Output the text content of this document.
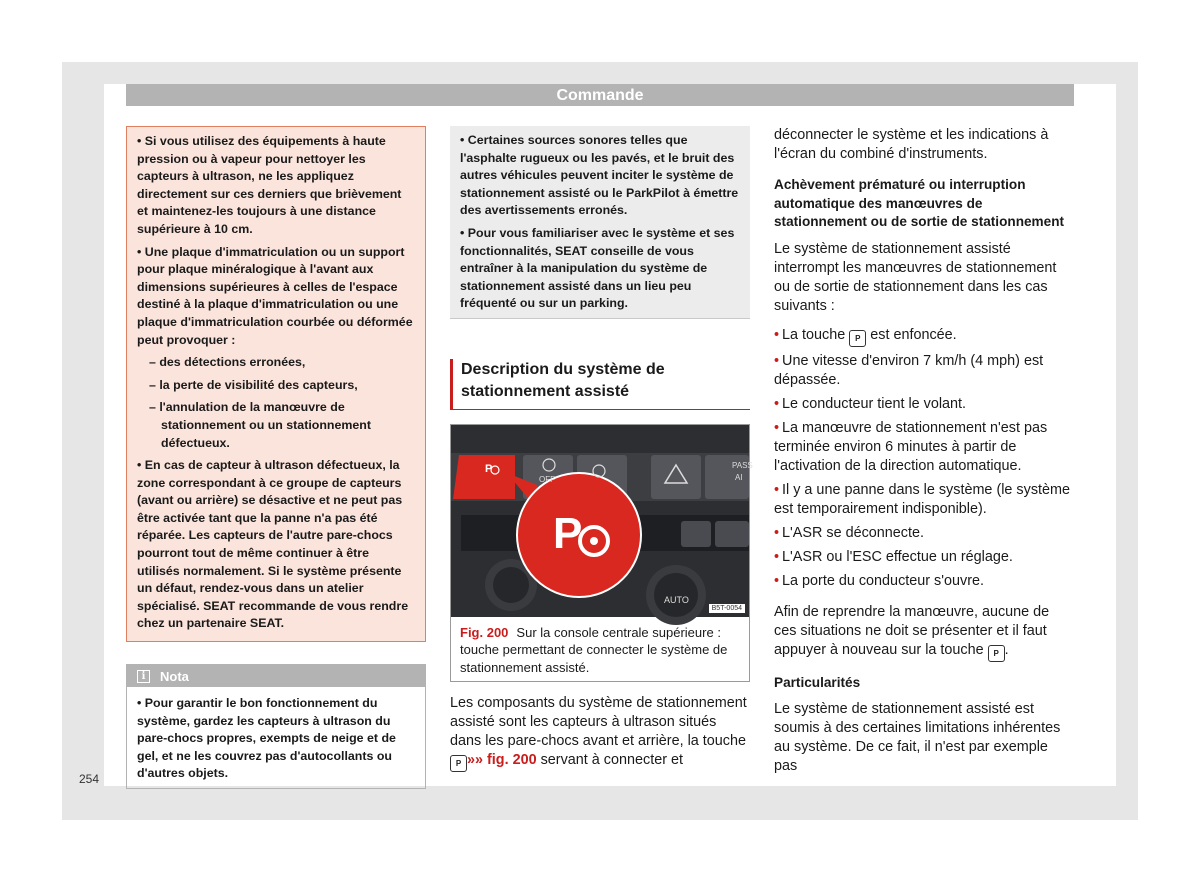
Commande

• Si vous utilisez des équipements à haute pression ou à vapeur pour nettoyer les capteurs à ultrason, ne les appliquez directement sur ces derniers que brièvement et maintenez-les toujours à une distance supérieure à 10 cm.

• Une plaque d'immatriculation ou un support pour plaque minéralogique à l'avant aux dimensions supérieures à celles de l'espace destiné à la plaque d'immatriculation ou une plaque d'immatriculation courbée ou déformée peut provoquer :

– des détections erronées,

– la perte de visibilité des capteurs,

– l'annulation de la manœuvre de stationnement ou un stationnement défectueux.

• En cas de capteur à ultrason défectueux, la zone correspondant à ce groupe de capteurs (avant ou arrière) se désactive et ne peut pas être activée tant que la panne n'a pas été réparée. Les capteurs de l'autre pare-chocs pourront tout de même continuer à être utilisés normalement. Si le système présente un défaut, rendez-vous dans un atelier spécialisé. SEAT recommande de vous rendre chez un partenaire SEAT.

i	Nota
• Pour garantir le bon fonctionnement du système, gardez les capteurs à ultrason du pare-chocs propres, exempts de neige et de gel, et ne les couvrez pas d'autocollants ou d'autres objets.

• Certaines sources sonores telles que l'asphalte rugueux ou les pavés, et le bruit des autres véhicules peuvent inciter le système de stationnement assisté ou le ParkPilot à émettre des avertissements erronés.

• Pour vous familiariser avec le système et ses fonctionnalités, SEAT conseille de vous entraîner à la manipulation du système de stationnement assisté dans un lieu peu fréquenté ou sur un parking.

Description du système de stationnement assisté
P
P
OFF
PASS
AI
AUTO
B5T-0054
Fig. 200 Sur la console centrale supérieure : touche permettant de connecter le système de stationnement assisté.

Les composants du système de stationnement assisté sont les capteurs à ultrason situés dans les pare-chocs avant et arrière, la touche P »» fig. 200 servant à connecter et

déconnecter le système et les indications à l'écran du combiné d'instruments.

Achèvement prématuré ou interruption automatique des manœuvres de stationnement ou de sortie de stationnement

Le système de stationnement assisté interrompt les manœuvres de stationnement ou de sortie de stationnement dans les cas suivants :

• La touche P est enfoncée.

• Une vitesse d'environ 7 km/h (4 mph) est dépassée.

• Le conducteur tient le volant.

• La manœuvre de stationnement n'est pas terminée environ 6 minutes à partir de l'activation de la direction automatique.

• Il y a une panne dans le système (le système est temporairement indisponible).

• L'ASR se déconnecte.

• L'ASR ou l'ESC effectue un réglage.

• La porte du conducteur s'ouvre.

Afin de reprendre la manœuvre, aucune de ces situations ne doit se présenter et il faut appuyer à nouveau sur la touche P .

Particularités

Le système de stationnement assisté est soumis à des certaines limitations inhérentes au système. De ce fait, il n'est par exemple pas

254
